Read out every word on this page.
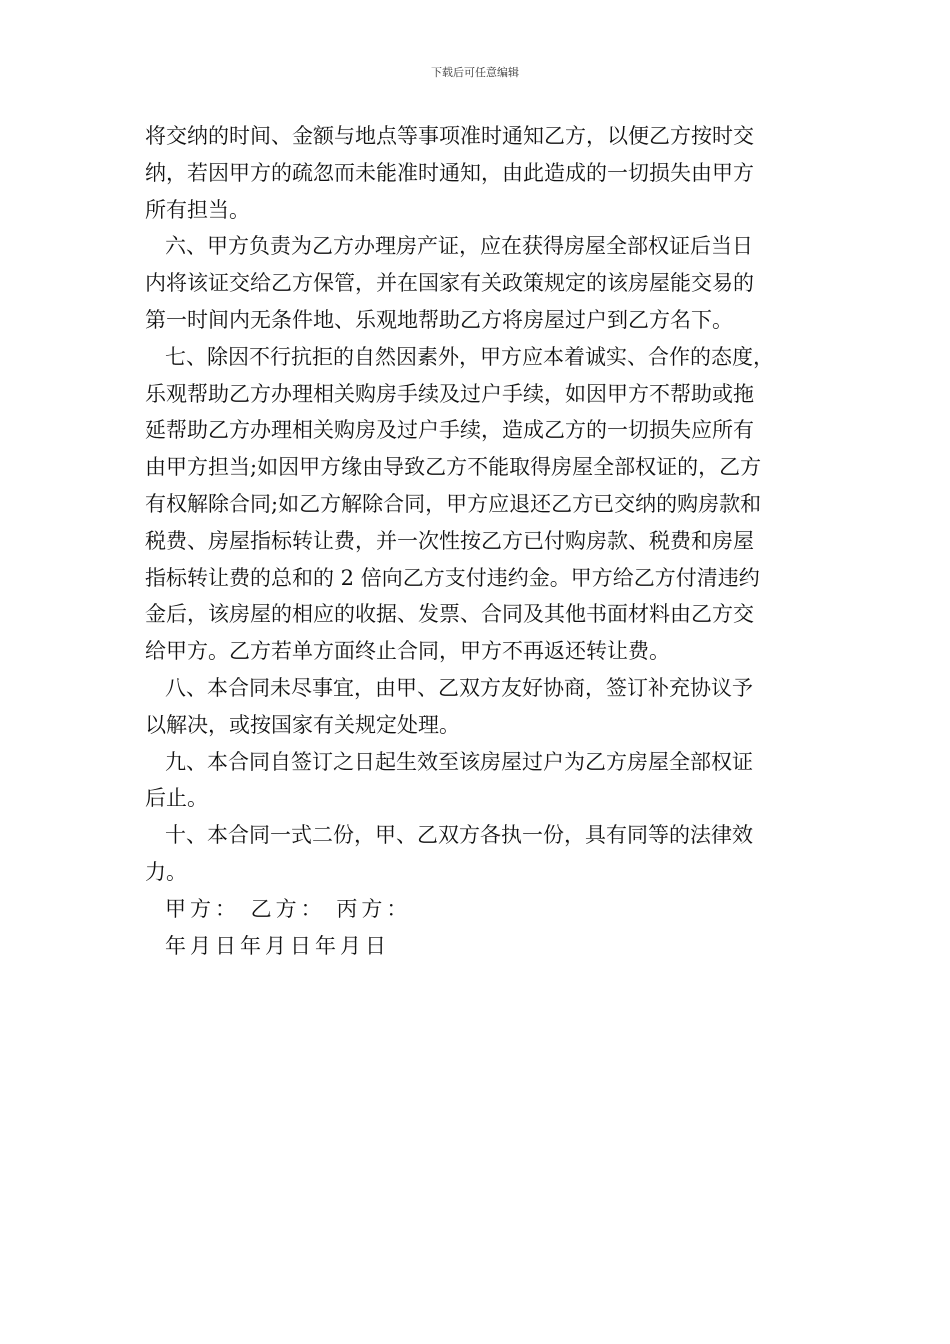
下载后可任意编辑
将交纳的时间、金额与地点等事项准时通知乙方，以便乙方按时交
纳，若因甲方的疏忽而未能准时通知，由此造成的一切损失由甲方
所有担当。
六、甲方负责为乙方办理房产证，应在获得房屋全部权证后当日
内将该证交给乙方保管，并在国家有关政策规定的该房屋能交易的
第一时间内无条件地、乐观地帮助乙方将房屋过户到乙方名下。
七、除因不行抗拒的自然因素外，甲方应本着诚实、合作的态度，
乐观帮助乙方办理相关购房手续及过户手续，如因甲方不帮助或拖
延帮助乙方办理相关购房及过户手续，造成乙方的一切损失应所有
由甲方担当;如因甲方缘由导致乙方不能取得房屋全部权证的，乙方
有权解除合同;如乙方解除合同，甲方应退还乙方已交纳的购房款和
税费、房屋指标转让费，并一次性按乙方已付购房款、税费和房屋
指标转让费的总和的 2 倍向乙方支付违约金。甲方给乙方付清违约
金后，该房屋的相应的收据、发票、合同及其他书面材料由乙方交
给甲方。乙方若单方面终止合同，甲方不再返还转让费。
八、本合同未尽事宜，由甲、乙双方友好协商，签订补充协议予
以解决，或按国家有关规定处理。
九、本合同自签订之日起生效至该房屋过户为乙方房屋全部权证
后止。
十、本合同一式二份，甲、乙双方各执一份，具有同等的法律效
力。
甲方： 乙方： 丙方：
年月日年月日年月日
